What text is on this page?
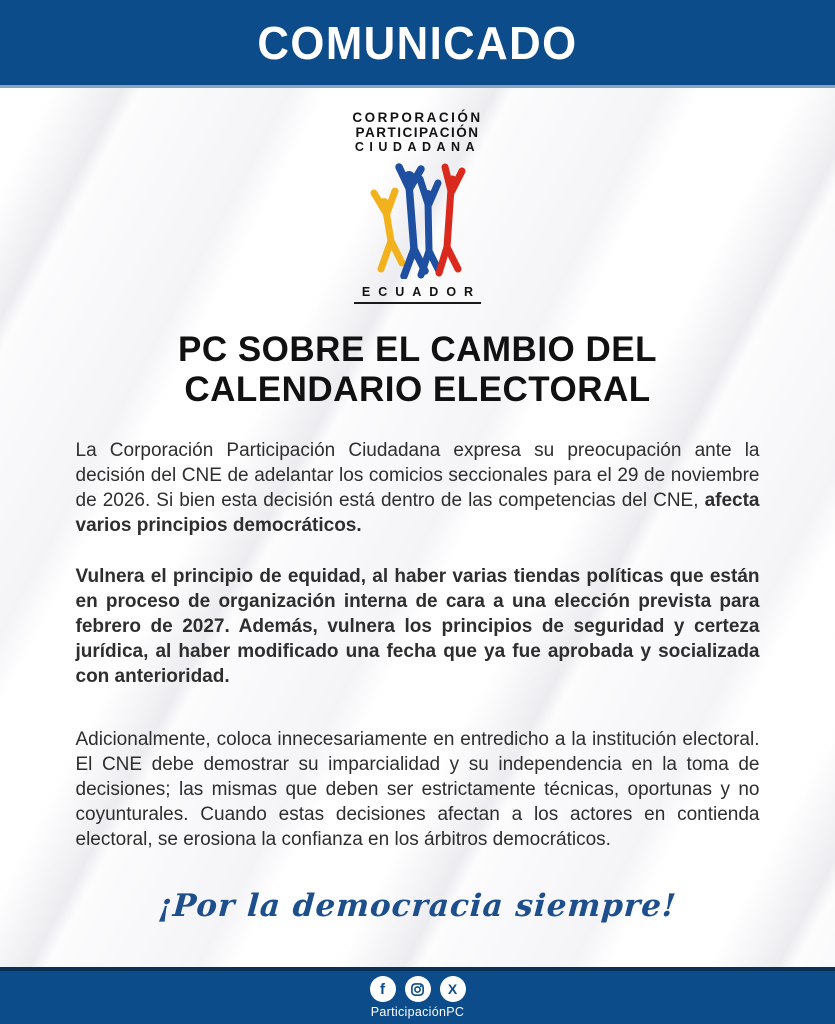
COMUNICADO
CORPORACIÓN
PARTICIPACIÓN
CIUDADANA
ECUADOR
PC SOBRE EL CAMBIO DEL
CALENDARIO ELECTORAL

La Corporación Participación Ciudadana expresa su preocupación ante la decisión del CNE de adelantar los comicios seccionales para el 29 de noviembre de 2026. Si bien esta decisión está dentro de las competencias del CNE, afecta varios principios democráticos.

Vulnera el principio de equidad, al haber varias tiendas políticas que están en proceso de organización interna de cara a una elección prevista para febrero de 2027. Además, vulnera los principios de seguridad y certeza jurídica, al haber modificado una fecha que ya fue aprobada y socializada con anterioridad.

Adicionalmente, coloca innecesariamente en entredicho a la institución electoral. El CNE debe demostrar su imparcialidad y su independencia en la toma de decisiones; las mismas que deben ser estrictamente técnicas, oportunas y no coyunturales. Cuando estas decisiones afectan a los actores en contienda electoral, se erosiona la confianza en los árbitros democráticos.

¡Por la democracia siempre!
f	X
ParticipaciónPC
